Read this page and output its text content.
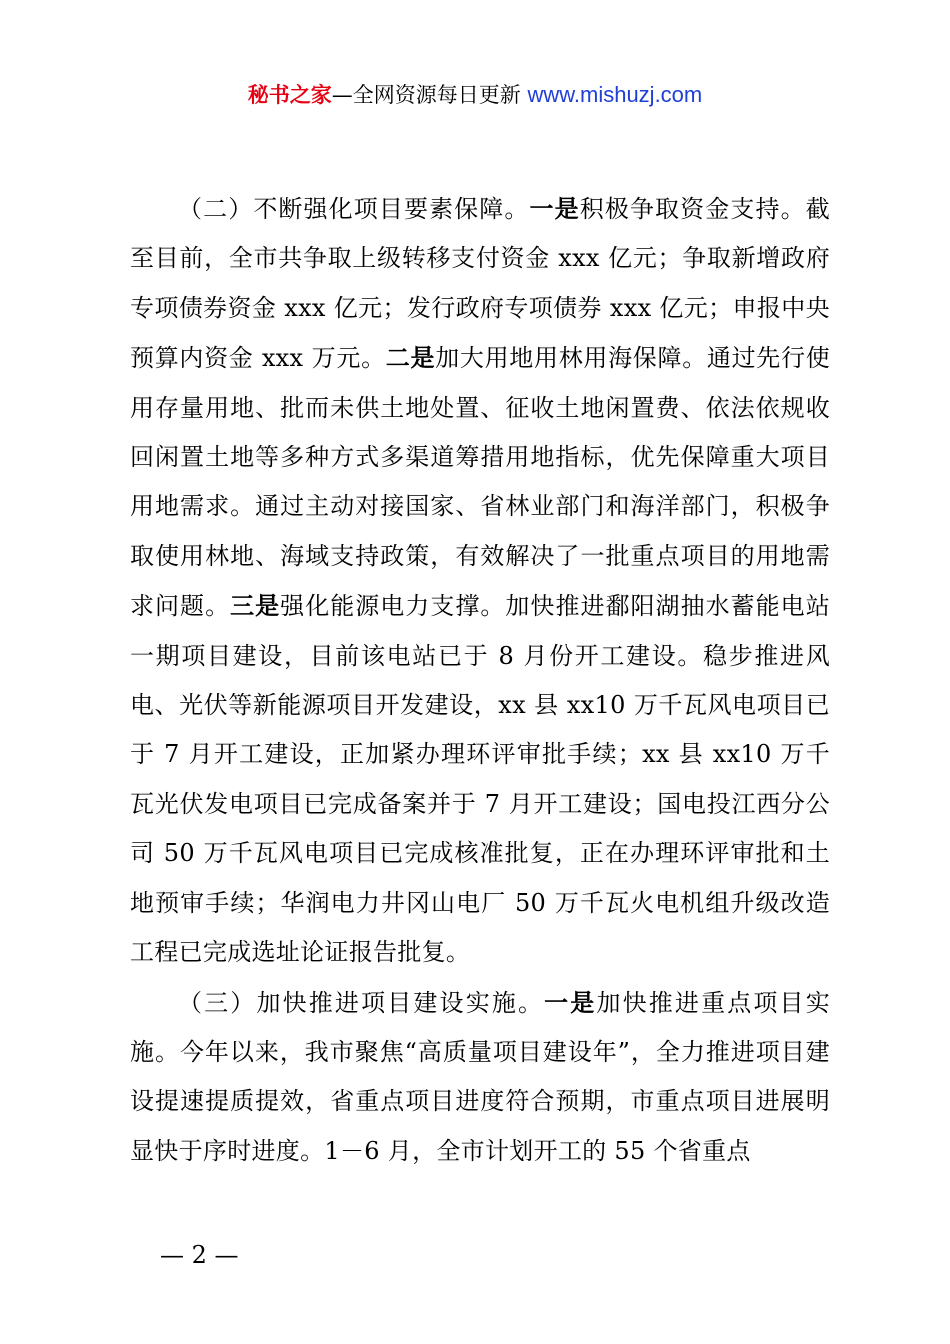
秘书之家—全网资源每日更新 www.mishuzj.com

（二）不断强化项目要素保障。一是积极争取资金支持。截至目前，全市共争取上级转移支付资金 xxx 亿元；争取新增政府专项债券资金 xxx 亿元；发行政府专项债券 xxx 亿元；申报中央预算内资金 xxx 万元。二是加大用地用林用海保障。通过先行使用存量用地、批而未供土地处置、征收土地闲置费、依法依规收回闲置土地等多种方式多渠道筹措用地指标，优先保障重大项目用地需求。通过主动对接国家、省林业部门和海洋部门，积极争取使用林地、海域支持政策，有效解决了一批重点项目的用地需求问题。三是强化能源电力支撑。加快推进鄱阳湖抽水蓄能电站一期项目建设，目前该电站已于 8 月份开工建设。稳步推进风电、光伏等新能源项目开发建设，xx 县 xx10 万千瓦风电项目已于 7 月开工建设，正加紧办理环评审批手续；xx 县 xx10 万千瓦光伏发电项目已完成备案并于 7 月开工建设；国电投江西分公司 50 万千瓦风电项目已完成核准批复，正在办理环评审批和土地预审手续；华润电力井冈山电厂 50 万千瓦火电机组升级改造工程已完成选址论证报告批复。

（三）加快推进项目建设实施。一是加快推进重点项目实施。今年以来，我市聚焦“高质量项目建设年”，全力推进项目建设提速提质提效，省重点项目进度符合预期，市重点项目进展明显快于序时进度。1－6 月，全市计划开工的 55 个省重点

— 2 —
